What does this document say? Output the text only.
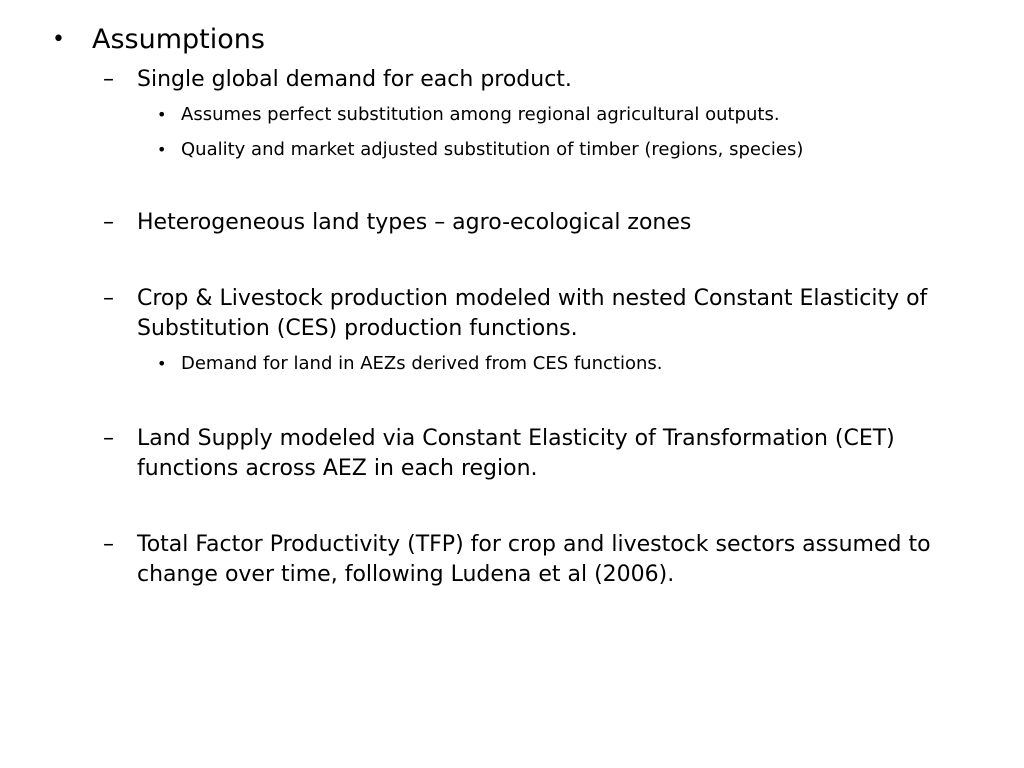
• Assumptions
– Single global demand for each product.
• Assumes perfect substitution among regional agricultural outputs.
• Quality and market adjusted substitution of timber (regions, species)
– Heterogeneous land types – agro-ecological zones
– Crop & Livestock production modeled with nested Constant Elasticity of
Substitution (CES) production functions.
• Demand for land in AEZs derived from CES functions.
– Land Supply modeled via Constant Elasticity of Transformation (CET)
functions across AEZ in each region.
– Total Factor Productivity (TFP) for crop and livestock sectors assumed to
change over time, following Ludena et al (2006).
